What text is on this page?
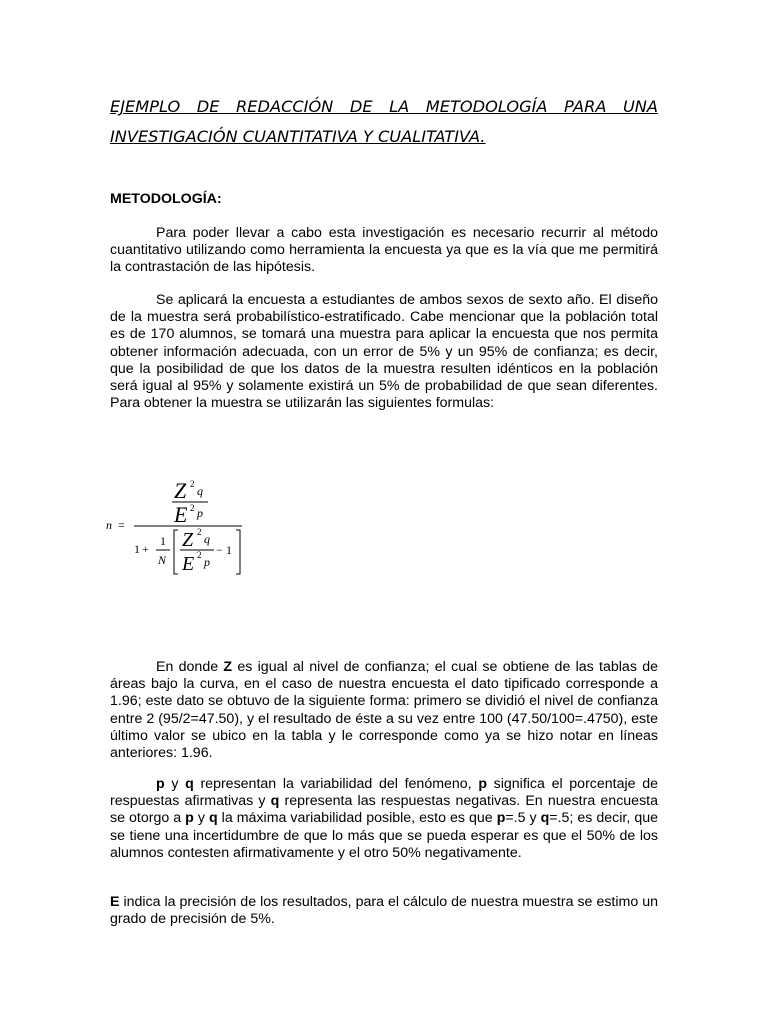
EJEMPLO DE REDACCIÓN DE LA METODOLOGÍA PARA UNA INVESTIGACIÓN CUANTITATIVA Y CUALITATIVA.

METODOLOGÍA:

Para poder llevar a cabo esta investigación es necesario recurrir al método cuantitativo utilizando como herramienta la encuesta ya que es la vía que me permitirá la contrastación de las hipótesis.

Se aplicará la encuesta a estudiantes de ambos sexos de sexto año. El diseño de la muestra será probabilístico-estratificado. Cabe mencionar que la población total es de 170 alumnos, se tomará una muestra para aplicar la encuesta que nos permita obtener información adecuada, con un error de 5% y un 95% de confianza; es decir, que la posibilidad de que los datos de la muestra resulten idénticos en la población será igual al 95% y solamente existirá un 5% de probabilidad de que sean diferentes. Para obtener la muestra se utilizarán las siguientes formulas:

Z 2 q
E 2 p
n =
1 +
1
N
Z 2 q
E 2 p
− 1

En donde Z es igual al nivel de confianza; el cual se obtiene de las tablas de áreas bajo la curva, en el caso de nuestra encuesta el dato tipificado corresponde a 1.96; este dato se obtuvo de la siguiente forma: primero se dividió el nivel de confianza entre 2 (95/2=47.50), y el resultado de éste a su vez entre 100 (47.50/100=.4750), este último valor se ubico en la tabla y le corresponde como ya se hizo notar en líneas anteriores: 1.96.

p y q representan la variabilidad del fenómeno, p significa el porcentaje de respuestas afirmativas y q representa las respuestas negativas. En nuestra encuesta se otorgo a p y q la máxima variabilidad posible, esto es que p=.5 y q=.5; es decir, que se tiene una incertidumbre de que lo más que se pueda esperar es que el 50% de los alumnos contesten afirmativamente y el otro 50% negativamente.

E indica la precisión de los resultados, para el cálculo de nuestra muestra se estimo un grado de precisión de 5%.
